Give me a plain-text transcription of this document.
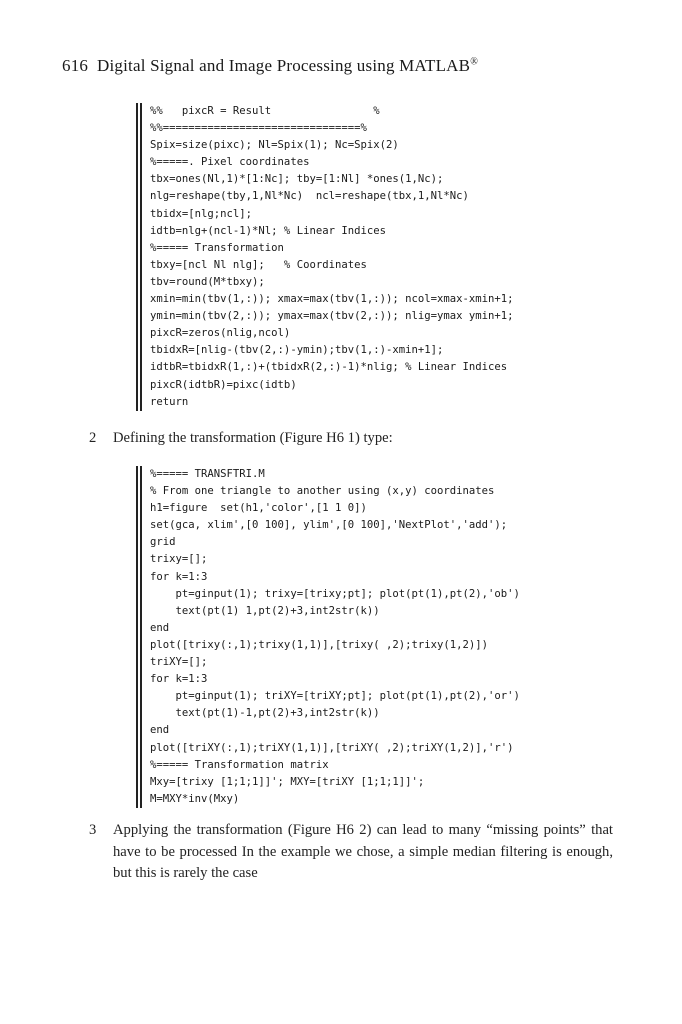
616 Digital Signal and Image Processing using MATLAB®
%%   pixcR = Result                %
%%===============================%
Spix=size(pixc); Nl=Spix(1); Nc=Spix(2)
%=====. Pixel coordinates
tbx=ones(Nl,1)*[1:Nc]; tby=[1:Nl] *ones(1,Nc);
nlg=reshape(tby,1,Nl*Nc)  ncl=reshape(tbx,1,Nl*Nc)
tbidx=[nlg;ncl];
idtb=nlg+(ncl-1)*Nl; % Linear Indices
%===== Transformation
tbxy=[ncl Nl nlg];   % Coordinates
tbv=round(M*tbxy);
xmin=min(tbv(1,:)); xmax=max(tbv(1,:)); ncol=xmax-xmin+1;
ymin=min(tbv(2,:)); ymax=max(tbv(2,:)); nlig=ymax ymin+1;
pixcR=zeros(nlig,ncol)
tbidxR=[nlig-(tbv(2,:)-ymin);tbv(1,:)-xmin+1];
idtbR=tbidxR(1,:)+(tbidxR(2,:)-1)*nlig; % Linear Indices
pixcR(idtbR)=pixc(idtb)
return
2 Defining the transformation (Figure H6 1) type:
%===== TRANSFTRI.M
% From one triangle to another using (x,y) coordinates
h1=figure  set(h1,'color',[1 1 0])
set(gca, xlim',[0 100], ylim',[0 100],'NextPlot','add');
grid
trixy=[];
for k=1:3
pt=ginput(1); trixy=[trixy;pt]; plot(pt(1),pt(2),'ob')
text(pt(1) 1,pt(2)+3,int2str(k))
end
plot([trixy(:,1);trixy(1,1)],[trixy( ,2);trixy(1,2)])
triXY=[];
for k=1:3
pt=ginput(1); triXY=[triXY;pt]; plot(pt(1),pt(2),'or')
text(pt(1)-1,pt(2)+3,int2str(k))
end
plot([triXY(:,1);triXY(1,1)],[triXY( ,2);triXY(1,2)],'r')
%===== Transformation matrix
Mxy=[trixy [1;1;1]]'; MXY=[triXY [1;1;1]]';
M=MXY*inv(Mxy)
3 Applying the transformation (Figure H6 2) can lead to many “missing points” that have to be processed In the example we chose, a simple median filtering is enough, but this is rarely the case
